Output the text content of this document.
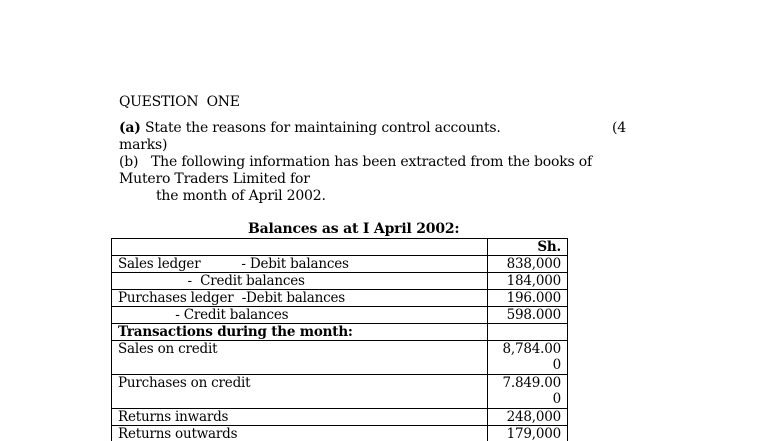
QUESTION  ONE
(a) State the reasons for maintaining control accounts.	(4
marks)
(b)   The following information has been extracted from the books of
Mutero Traders Limited for
the month of April 2002.
Balances as at I April 2002:
	Sh.
Sales ledger          - Debit balances	838,000
-  Credit balances	184,000
Purchases ledger  -Debit balances	196.000
- Credit balances	598.000
Transactions during the month:	
Sales on credit	8,784.00
0

Purchases on credit	7.849.00
0

Returns inwards	248,000
Returns outwards	179,000
